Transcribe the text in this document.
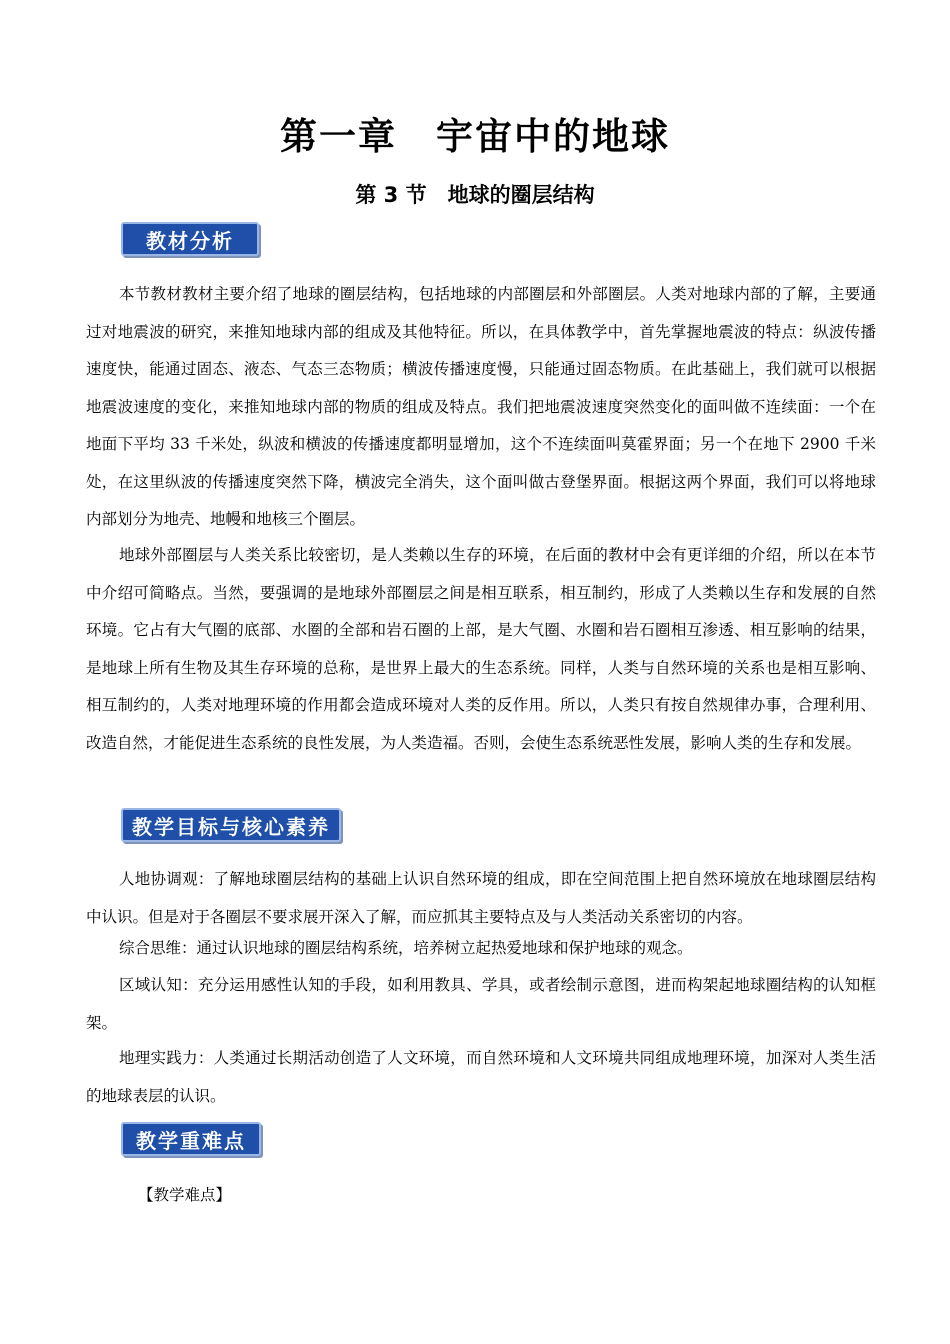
第一章　宇宙中的地球
第 3 节　地球的圈层结构
教材分析

本节教材教材主要介绍了地球的圈层结构，包括地球的内部圈层和外部圈层。人类对地球内部的了解，主要通过对地震波的研究，来推知地球内部的组成及其他特征。所以，在具体教学中，首先掌握地震波的特点：纵波传播速度快，能通过固态、液态、气态三态物质；横波传播速度慢，只能通过固态物质。在此基础上，我们就可以根据地震波速度的变化，来推知地球内部的物质的组成及特点。我们把地震波速度突然变化的面叫做不连续面：一个在地面下平均 33 千米处，纵波和横波的传播速度都明显增加，这个不连续面叫莫霍界面；另一个在地下 2900 千米处，在这里纵波的传播速度突然下降，横波完全消失，这个面叫做古登堡界面。根据这两个界面，我们可以将地球内部划分为地壳、地幔和地核三个圈层。

地球外部圈层与人类关系比较密切，是人类赖以生存的环境，在后面的教材中会有更详细的介绍，所以在本节中介绍可简略点。当然，要强调的是地球外部圈层之间是相互联系，相互制约，形成了人类赖以生存和发展的自然环境。它占有大气圈的底部、水圈的全部和岩石圈的上部，是大气圈、水圈和岩石圈相互渗透、相互影响的结果，是地球上所有生物及其生存环境的总称，是世界上最大的生态系统。同样，人类与自然环境的关系也是相互影响、相互制约的，人类对地理环境的作用都会造成环境对人类的反作用。所以，人类只有按自然规律办事，合理利用、改造自然，才能促进生态系统的良性发展，为人类造福。否则，会使生态系统恶性发展，影响人类的生存和发展。

教学目标与核心素养

人地协调观：了解地球圈层结构的基础上认识自然环境的组成，即在空间范围上把自然环境放在地球圈层结构中认识。但是对于各圈层不要求展开深入了解，而应抓其主要特点及与人类活动关系密切的内容。

综合思维：通过认识地球的圈层结构系统，培养树立起热爱地球和保护地球的观念。

区域认知：充分运用感性认知的手段，如利用教具、学具，或者绘制示意图，进而构架起地球圈结构的认知框架。

地理实践力：人类通过长期活动创造了人文环境，而自然环境和人文环境共同组成地理环境，加深对人类生活的地球表层的认识。

教学重难点

【教学难点】
